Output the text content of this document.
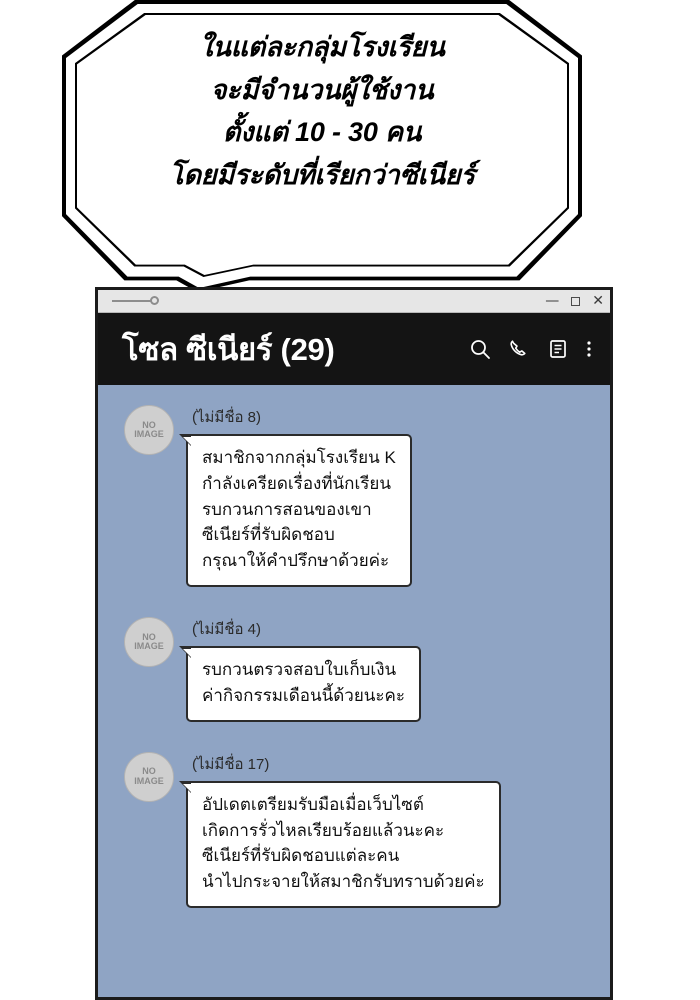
ในแต่ละกลุ่มโรงเรียน
จะมีจำนวนผู้ใช้งาน
ตั้งแต่ 10 - 30 คน
โดยมีระดับที่เรียกว่าซีเนียร์
— ✕
โซล ซีเนียร์ (29)
NO
IMAGE
(ไม่มีชื่อ 8)
สมาชิกจากกลุ่มโรงเรียน K
กำลังเครียดเรื่องที่นักเรียน
รบกวนการสอนของเขา
ซีเนียร์ที่รับผิดชอบ
กรุณาให้คำปรึกษาด้วยค่ะ
NO
IMAGE
(ไม่มีชื่อ 4)
รบกวนตรวจสอบใบเก็บเงิน
ค่ากิจกรรมเดือนนี้ด้วยนะคะ
NO
IMAGE
(ไม่มีชื่อ 17)
อัปเดตเตรียมรับมือเมื่อเว็บไซต์
เกิดการรั่วไหลเรียบร้อยแล้วนะคะ
ซีเนียร์ที่รับผิดชอบแต่ละคน
นำไปกระจายให้สมาชิกรับทราบด้วยค่ะ
